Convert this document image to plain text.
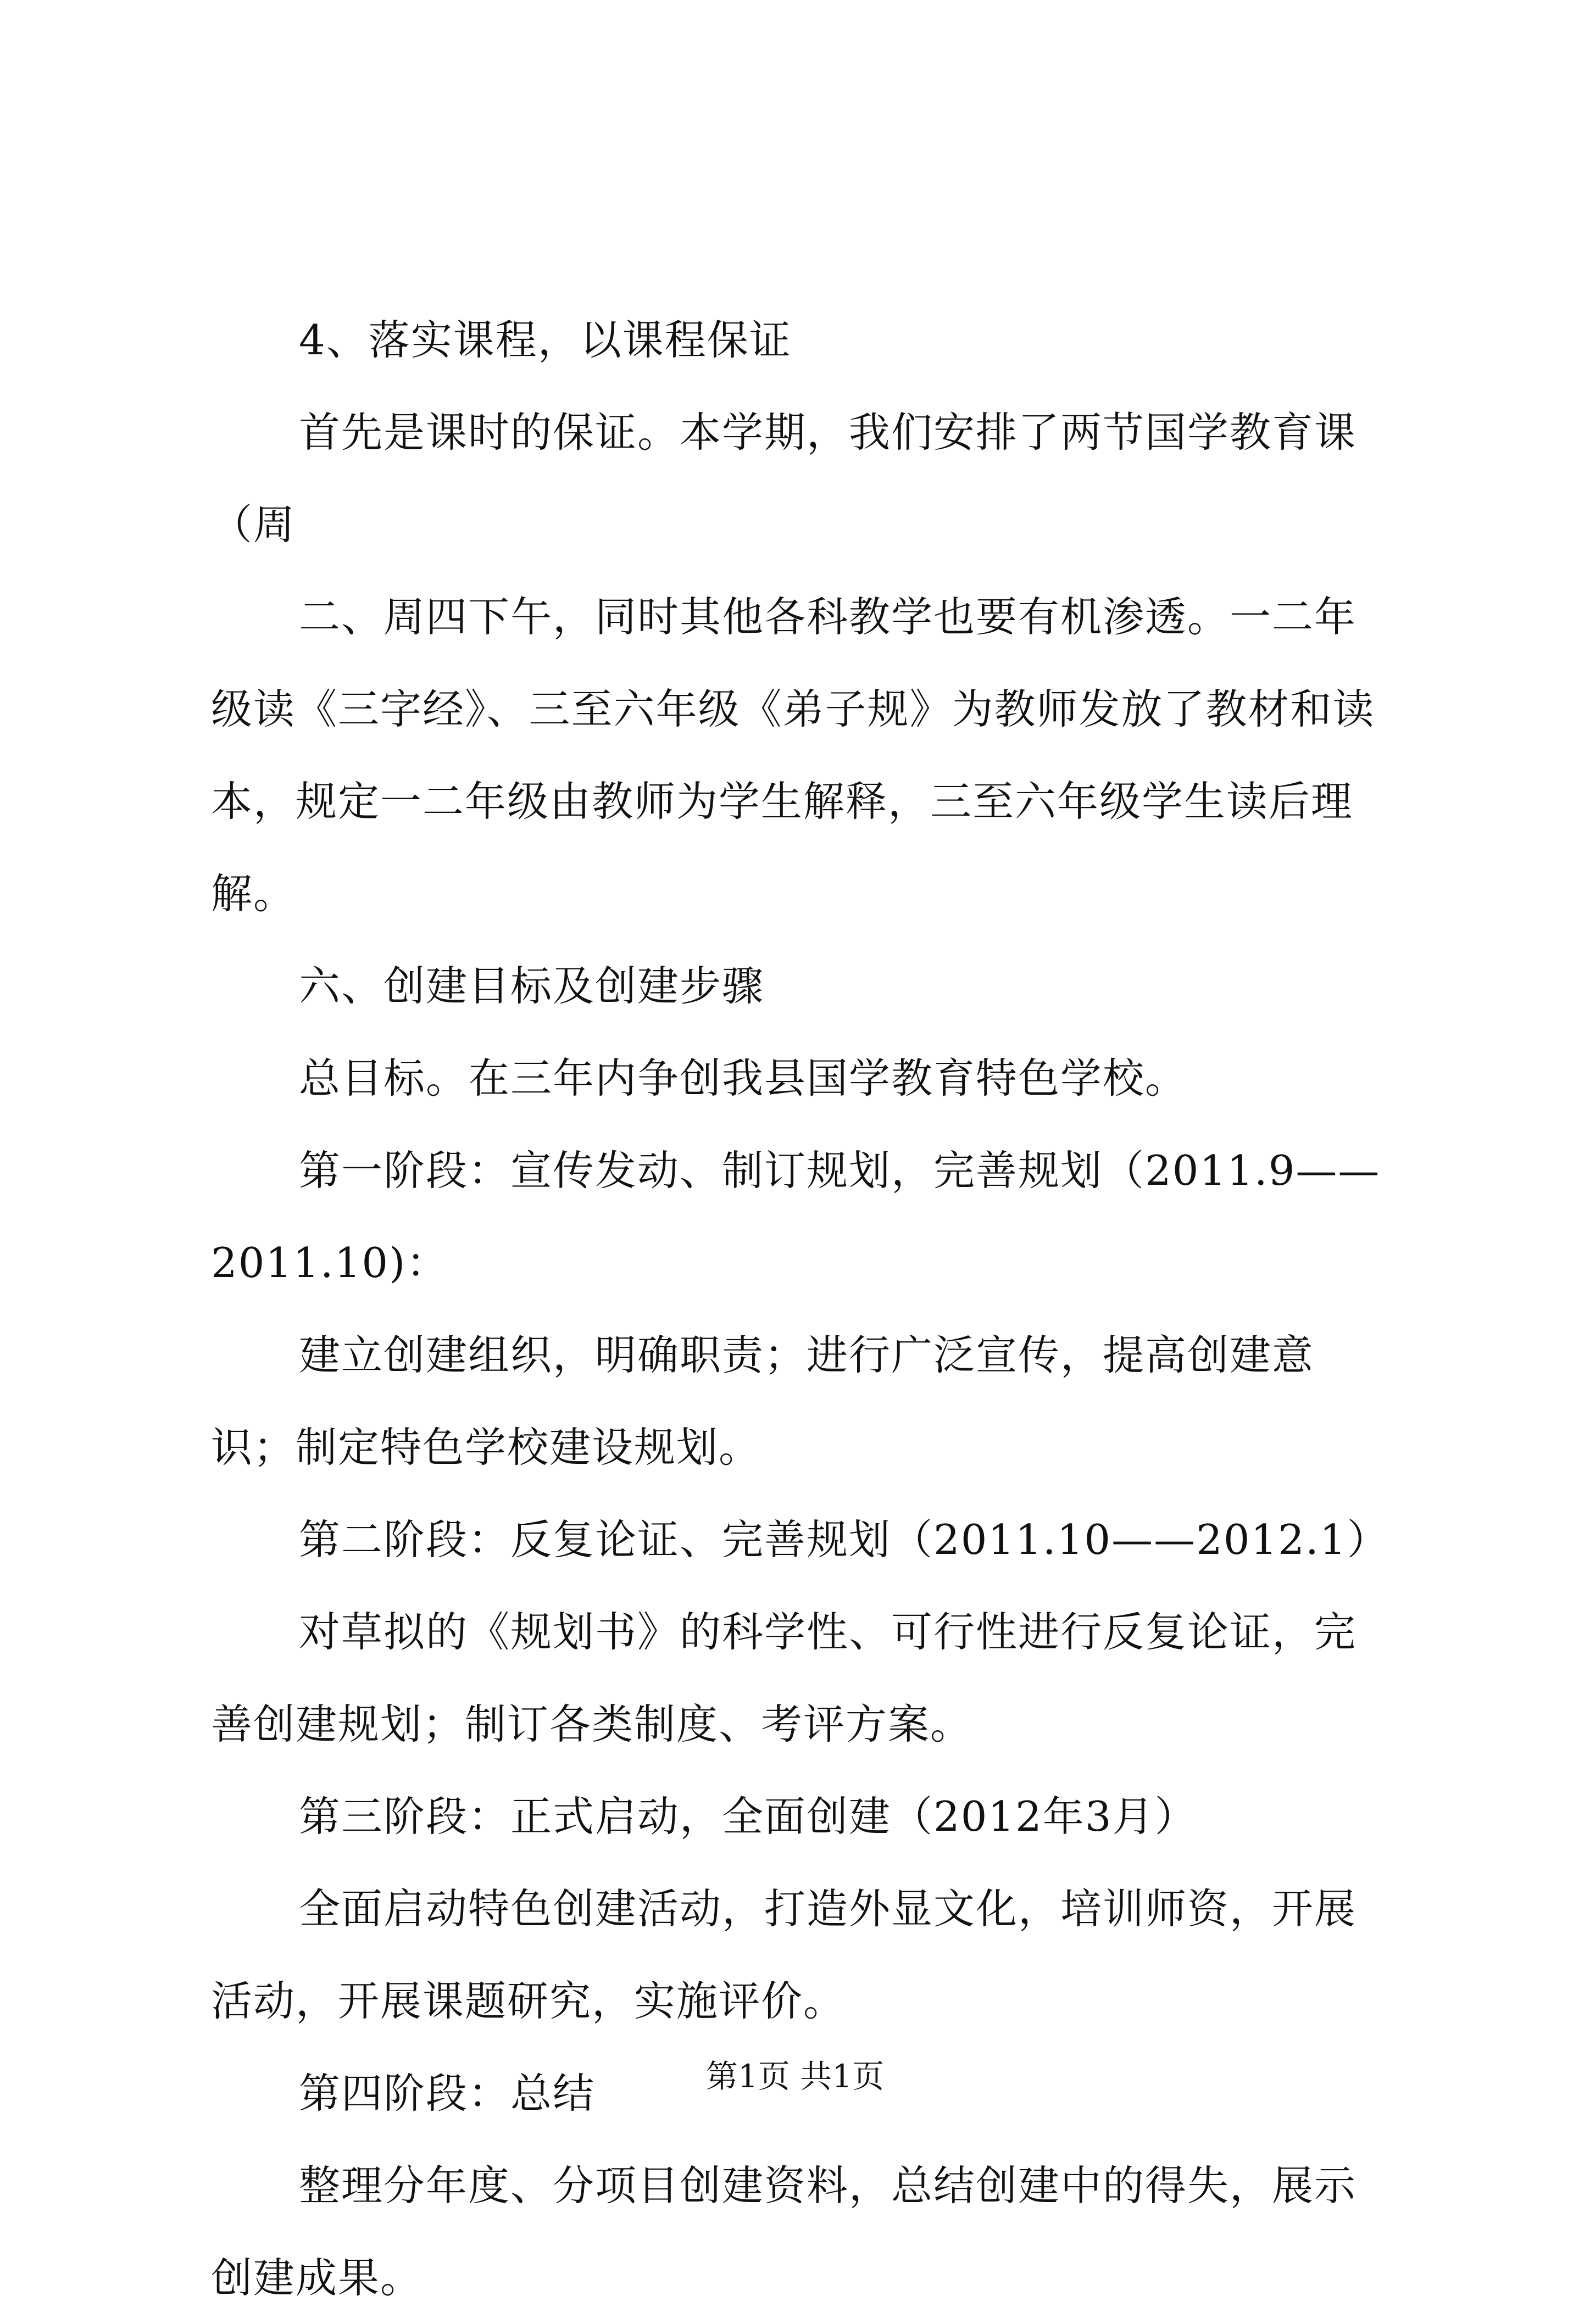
4、落实课程，以课程保证

首先是课时的保证。本学期，我们安排了两节国学教育课（周

二、周四下午，同时其他各科教学也要有机渗透。一二年级读《三字经》、三至六年级《弟子规》为教师发放了教材和读本，规定一二年级由教师为学生解释，三至六年级学生读后理解。

六、创建目标及创建步骤

总目标。在三年内争创我县国学教育特色学校。

第一阶段：宣传发动、制订规划，完善规划（2011.9——2011.10)：

建立创建组织，明确职责；进行广泛宣传，提高创建意识；制定特色学校建设规划。

第二阶段：反复论证、完善规划（2011.10——2012.1）

对草拟的《规划书》的科学性、可行性进行反复论证，完善创建规划；制订各类制度、考评方案。

第三阶段：正式启动，全面创建（2012年3月）

全面启动特色创建活动，打造外显文化，培训师资，开展活动，开展课题研究，实施评价。

第四阶段：总结

整理分年度、分项目创建资料，总结创建中的得失，展示创建成果。

第1页 共1页
